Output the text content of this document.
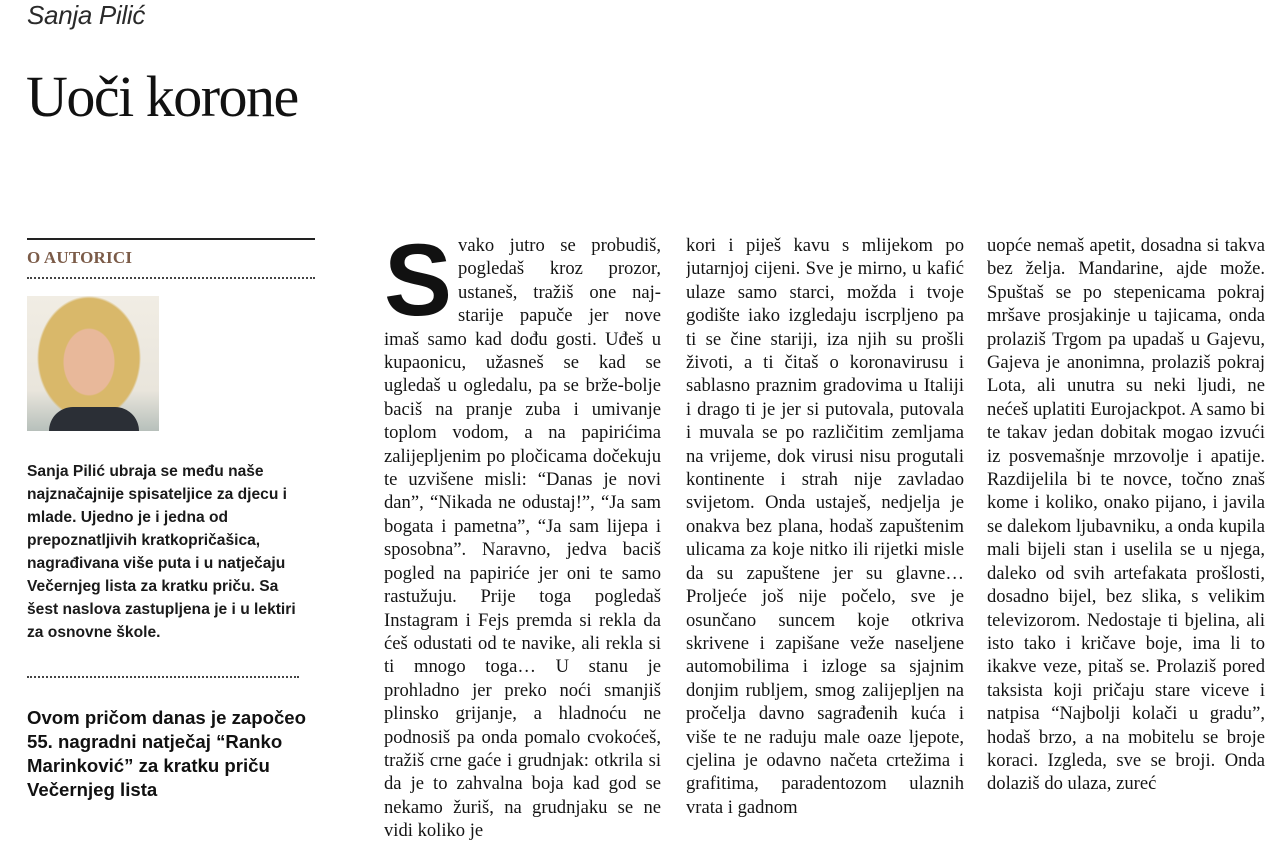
Sanja Pilić
Uoči korone
O AUTORICI

Sanja Pilić ubraja se među naše najznačajnije spisateljice za djecu i mlade. Ujedno je i jedna od prepoznatljivih kratkopričašica, nagrađivana više puta i u natječaju Večernjeg lista za kratku priču. Sa šest naslova zastupljena je i u lektiri za osnovne škole.

Ovom pričom danas je započeo 55. nagradni natječaj “Ranko Marinković” za kratku priču Večernjeg lista

S vako jutro se probudiš, pogledaš kroz prozor, ustaneš, tražiš one najstarije papuče jer nove imaš samo kad dođu gosti. Uđeš u kupaonicu, užasneš se kad se ugledaš u ogledalu, pa se brže-bolje baciš na pranje zuba i umivanje toplom vodom, a na papirićima zalijepljenim po pločicama dočekuju te uzvišene misli: “Danas je novi dan”, “Nikada ne odustaj!”, “Ja sam bogata i pametna”, “Ja sam lijepa i sposobna”. Naravno, jedva baciš pogled na papiriće jer oni te samo rastužuju. Prije toga pogledaš Instagram i Fejs premda si rekla da ćeš odustati od te navike, ali rekla si ti mnogo toga… U stanu je prohladno jer preko noći smanjiš plinsko grijanje, a hladnoću ne podnosiš pa onda pomalo cvokoćeš, tražiš crne gaće i grudnjak: otkrila si da je to zahvalna boja kad god se nekamo žuriš, na grudnjaku se ne vidi koliko je

kori i piješ kavu s mlijekom po jutarnjoj cijeni. Sve je mirno, u kafić ulaze samo starci, možda i tvoje godište iako izgledaju iscrpljeno pa ti se čine stariji, iza njih su prošli životi, a ti čitaš o koronavirusu i sablasno praznim gradovima u Italiji i drago ti je jer si putovala, putovala i muvala se po različitim zemljama na vrijeme, dok virusi nisu progutali kontinente i strah nije zavladao svijetom. Onda ustaješ, nedjelja je onakva bez plana, hodaš zapuštenim ulicama za koje nitko ili rijetki misle da su zapuštene jer su glavne… Proljeće još nije počelo, sve je osunčano suncem koje otkriva skrivene i zapišane veže naseljene automobilima i izloge sa sjajnim donjim rubljem, smog zalijepljen na pročelja davno sagrađenih kuća i više te ne raduju male oaze ljepote, cjelina je odavno načeta crtežima i grafitima, paradentozom ulaznih vrata i gadnom

uopće nemaš apetit, dosadna si takva bez želja. Mandarine, ajde može. Spuštaš se po stepenicama pokraj mršave prosjakinje u tajicama, onda prolaziš Trgom pa upadaš u Gajevu, Gajeva je anonimna, prolaziš pokraj Lota, ali unutra su neki ljudi, ne nećeš uplatiti Eurojackpot. A samo bi te takav jedan dobitak mogao izvući iz posvemašnje mrzovolje i apatije. Razdijelila bi te novce, točno znaš kome i koliko, onako pijano, i javila se dalekom ljubavniku, a onda kupila mali bijeli stan i uselila se u njega, daleko od svih artefakata prošlosti, dosadno bijel, bez slika, s velikim televizorom. Nedostaje ti bjelina, ali isto tako i kričave boje, ima li to ikakve veze, pitaš se. Prolaziš pored taksista koji pričaju stare viceve i natpisa “Najbolji kolači u gradu”, hodaš brzo, a na mobitelu se broje koraci. Izgleda, sve se broji. Onda dolaziš do ulaza, zureć
